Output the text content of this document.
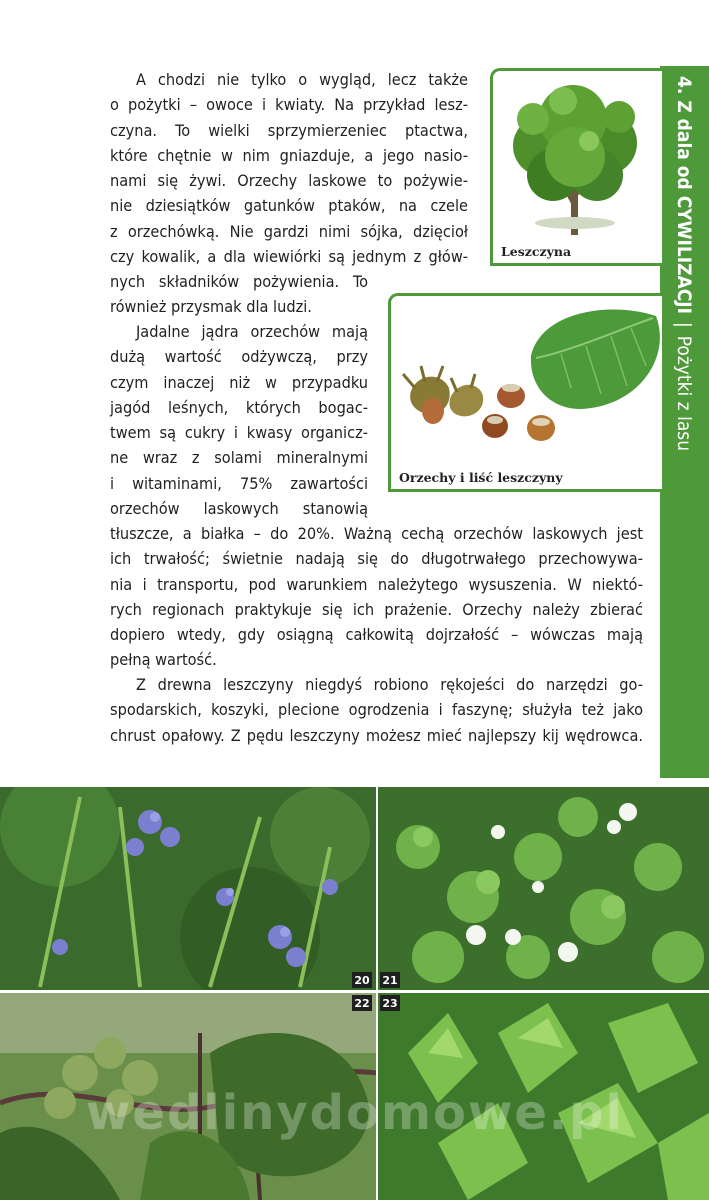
4. Z dala od CYWILIZACJI
|
Pożytki z lasu
A chodzi nie tylko o wygląd, lecz także
o pożytki – owoce i kwiaty. Na przykład lesz-
czyna. To wielki sprzymierzeniec ptactwa,
które chętnie w nim gniazduje, a jego nasio-
nami się żywi. Orzechy laskowe to pożywie-
nie dziesiątków gatunków ptaków, na czele
z orzechówką. Nie gardzi nimi sójka, dzięcioł
czy kowalik, a dla wiewiórki są jednym z głów-
nych składników pożywienia. To
również przysmak dla ludzi.
Jadalne jądra orzechów mają
dużą wartość odżywczą, przy
czym inaczej niż w przypadku
jagód leśnych, których bogac-
twem są cukry i kwasy organicz-
ne wraz z solami mineralnymi
i witaminami, 75% zawartości
orzechów laskowych stanowią
tłuszcze, a białka – do 20%. Ważną cechą orzechów laskowych jest
ich trwałość; świetnie nadają się do długotrwałego przechowywa-
nia i transportu, pod warunkiem należytego wysuszenia. W niektó-
rych regionach praktykuje się ich prażenie. Orzechy należy zbierać
dopiero wtedy, gdy osiągną całkowitą dojrzałość – wówczas mają
pełną wartość.
Z drewna leszczyny niegdyś robiono rękojeści do narzędzi go-
spodarskich, koszyki, plecione ogrodzenia i faszynę; służyła też jako
chrust opałowy. Z pędu leszczyny możesz mieć najlepszy kij wędrowca.
Leszczyna
Orzechy i liść leszczyny
20 21
22 23
wedlinydomowe.pl
